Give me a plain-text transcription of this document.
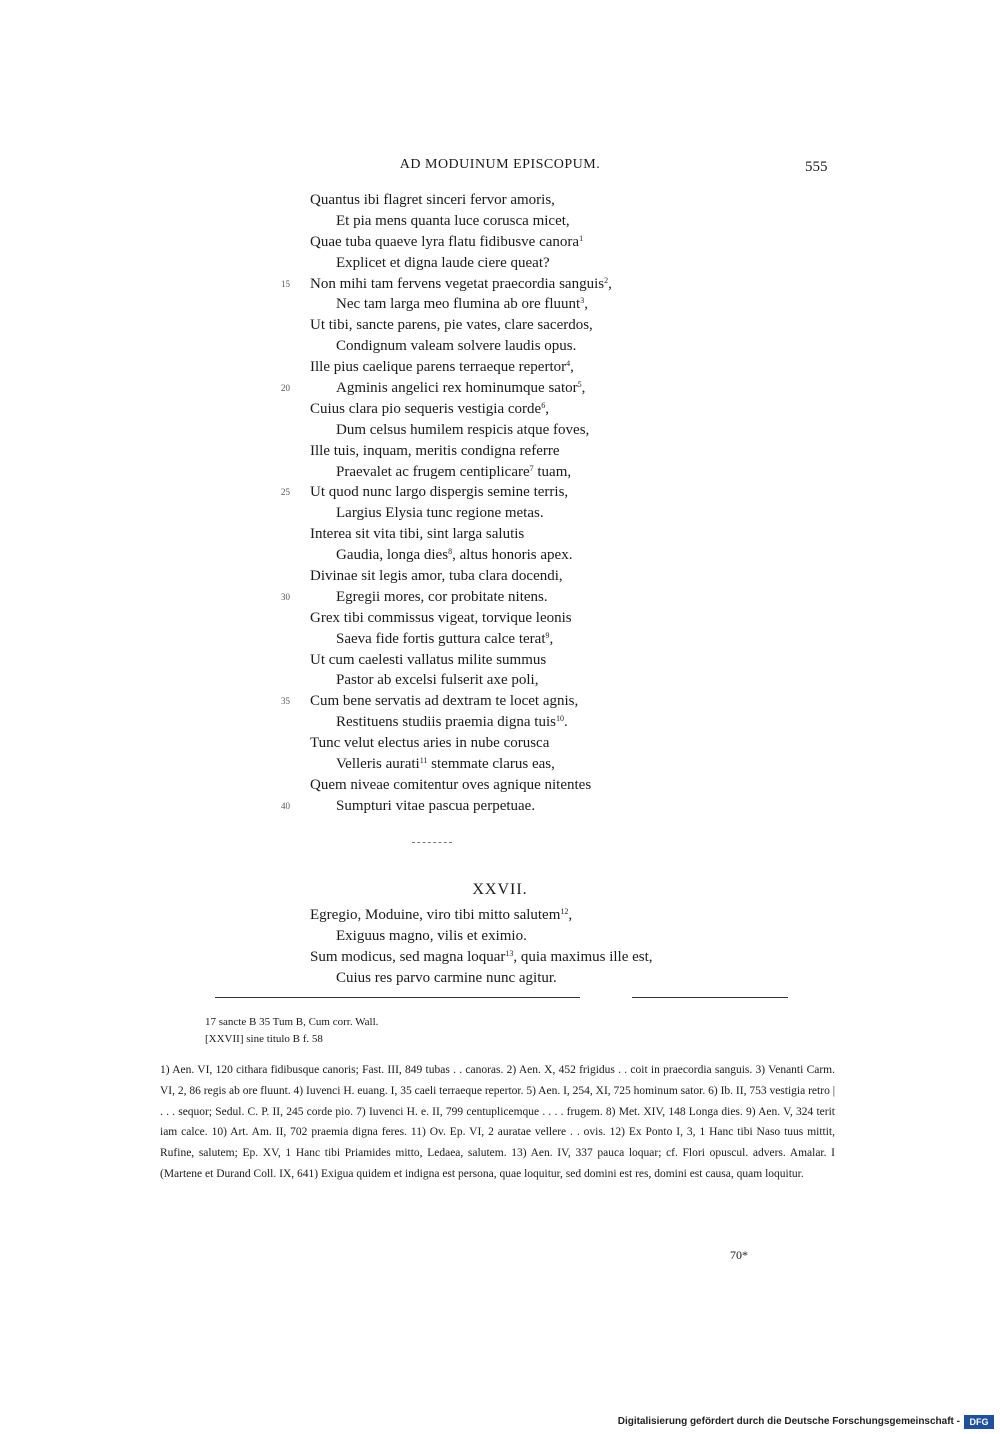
AD MODUINUM EPISCOPUM.	555
Quantus ibi flagret sinceri fervor amoris,
Et pia mens quanta luce corusca micet,
Quae tuba quaeve lyra flatu fidibusve canora$^1$
Explicet et digna laude ciere queat?
15 Non mihi tam fervens vegetat praecordia sanguis$^2$,
Nec tam larga meo flumina ab ore fluunt$^3$,
Ut tibi, sancte parens, pie vates, clare sacerdos,
Condignum valeam solvere laudis opus.
Ille pius caelique parens terraeque repertor$^4$,
20	Agminis angelici rex hominumque sator$^5$,
Cuius clara pio sequeris vestigia corde$^6$,
Dum celsus humilem respicis atque foves,
Ille tuis, inquam, meritis condigna referre
Praevalet ac frugem centiplicare$^7$ tuam,
25 Ut quod nunc largo dispergis semine terris,
Largius Elysia tunc regione metas.
Interea sit vita tibi, sint larga salutis
Gaudia, longa dies$^8$, altus honoris apex.
Divinae sit legis amor, tuba clara docendi,
30	Egregii mores, cor probitate nitens.
Grex tibi commissus vigeat, torvique leonis
Saeva fide fortis guttura calce terat$^9$,
Ut cum caelesti vallatus milite summus
Pastor ab excelsi fulserit axe poli,
35 Cum bene servatis ad dextram te locet agnis,
Restituens studiis praemia digna tuis$^{10}$.
Tunc velut electus aries in nube corusca
Velleris aurati$^{11}$ stemmate clarus eas,
Quem niveae comitentur oves agnique nitentes
40	Sumpturi vitae pascua perpetuae.
XXVII.
Egregio, Moduine, viro tibi mitto salutem$^{12}$,
Exiguus magno, vilis et eximio.
Sum modicus, sed magna loquar$^{13}$, quia maximus ille est,
Cuius res parvo carmine nunc agitur.
17 sancte B 35 Tum B, Cum corr. Wall.
[XXVII] sine titulo B f. 58
1) Aen. VI, 120 cithara fidibusque canoris; Fast. III, 849 tubas . . canoras. 2) Aen. X, 452 frigidus . . coit in praecordia sanguis. 3) Venanti Carm. VI, 2, 86 regis ab ore fluunt. 4) Iuvenci H. euang. I, 35 caeli terraeque repertor. 5) Aen. I, 254, XI, 725 hominum sator. 6) Ib. II, 753 vestigia retro | . . . sequor; Sedul. C. P. II, 245 corde pio. 7) Iuvenci H. e. II, 799 centuplicemque . . . . frugem. 8) Met. XIV, 148 Longa dies. 9) Aen. V, 324 terit iam calce. 10) Art. Am. II, 702 praemia digna feres. 11) Ov. Ep. VI, 2 auratae vellere . . ovis. 12) Ex Ponto I, 3, 1 Hanc tibi Naso tuus mittit, Rufine, salutem; Ep. XV, 1 Hanc tibi Priamides mitto, Ledaea, salutem. 13) Aen. IV, 337 pauca loquar; cf. Flori opuscul. advers. Amalar. I (Martene et Durand Coll. IX, 641) Exigua quidem et indigna est persona, quae loquitur, sed domini est res, domini est causa, quam loquitur.
70*
Digitalisierung gefördert durch die Deutsche Forschungsgemeinschaft -	DFG
